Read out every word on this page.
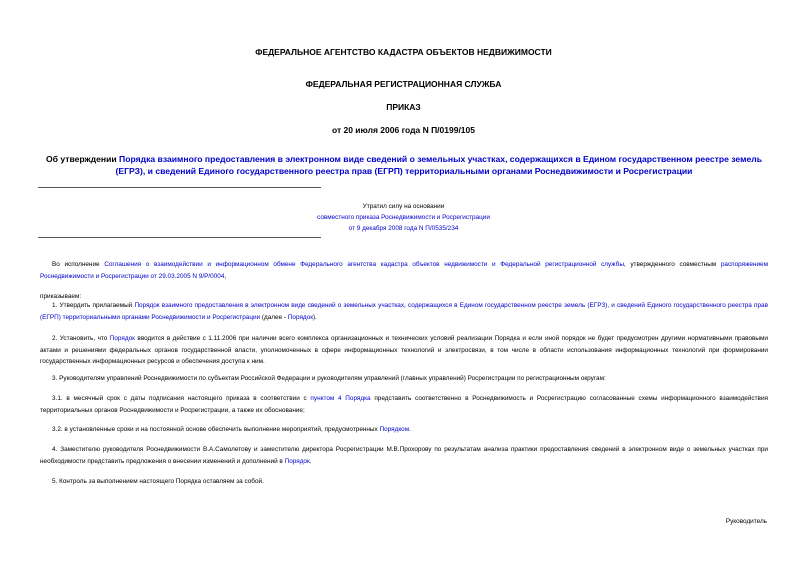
ФЕДЕРАЛЬНОЕ АГЕНТСТВО КАДАСТРА ОБЪЕКТОВ НЕДВИЖИМОСТИ
ФЕДЕРАЛЬНАЯ РЕГИСТРАЦИОННАЯ СЛУЖБА
ПРИКАЗ
от 20 июля 2006 года N П/0199/105
Об утверждении Порядка взаимного предоставления в электронном виде сведений о земельных участках, содержащихся в Едином государственном реестре земель (ЕГРЗ), и сведений Единого государственного реестра прав (ЕГРП) территориальными органами Роснедвижимости и Росрегистрации
Утратил силу на основании
совместного приказа Роснедвижимости и Росрегистрации
от 9 декабря 2008 года N П/0535/234
Во исполнение Соглашения о взаимодействии и информационном обмене Федерального агентства кадастра объектов недвижимости и Федеральной регистрационной службы, утвержденного совместным распоряжением Роснедвижимости и Росрегистрации от 29.03.2005 N 9/Р/0004,
приказываем:
1. Утвердить прилагаемый Порядок взаимного предоставления в электронном виде сведений о земельных участках, содержащихся в Едином государственном реестре земель (ЕГРЗ), и сведений Единого государственного реестра прав (ЕГРП) территориальными органами Роснедвижимости и Росрегистрации (далее - Порядок).
2. Установить, что Порядок вводится в действие с 1.11.2006 при наличии всего комплекса организационных и технических условий реализации Порядка и если иной порядок не будет предусмотрен другими нормативными правовыми актами и решениями федеральных органов государственной власти, уполномоченных в сфере информационных технологий и электросвязи, в том числе в области использования информационных технологий при формировании государственных информационных ресурсов и обеспечения доступа к ним.
3. Руководителям управлений Роснедвижимости по субъектам Российской Федерации и руководителям управлений (главных управлений) Росрегистрации по регистрационным округам:
3.1. в месячный срок с даты подписания настоящего приказа в соответствии с пунктом 4 Порядка представить соответственно в Роснедвижимость и Росрегистрацию согласованные схемы информационного взаимодействия территориальных органов Роснедвижимости и Росрегистрации, а также их обоснование;
3.2. в установленные сроки и на постоянной основе обеспечить выполнение мероприятий, предусмотренных Порядком.
4. Заместителю руководителя Роснедвижимости В.А.Самолетову и заместителю директора Росрегистрации М.В.Прохорову по результатам анализа практики предоставления сведений в электронном виде о земельных участках при необходимости представить предложения о внесении изменений и дополнений в Порядок.
5. Контроль за выполнением настоящего Порядка оставляем за собой.
Руководитель
